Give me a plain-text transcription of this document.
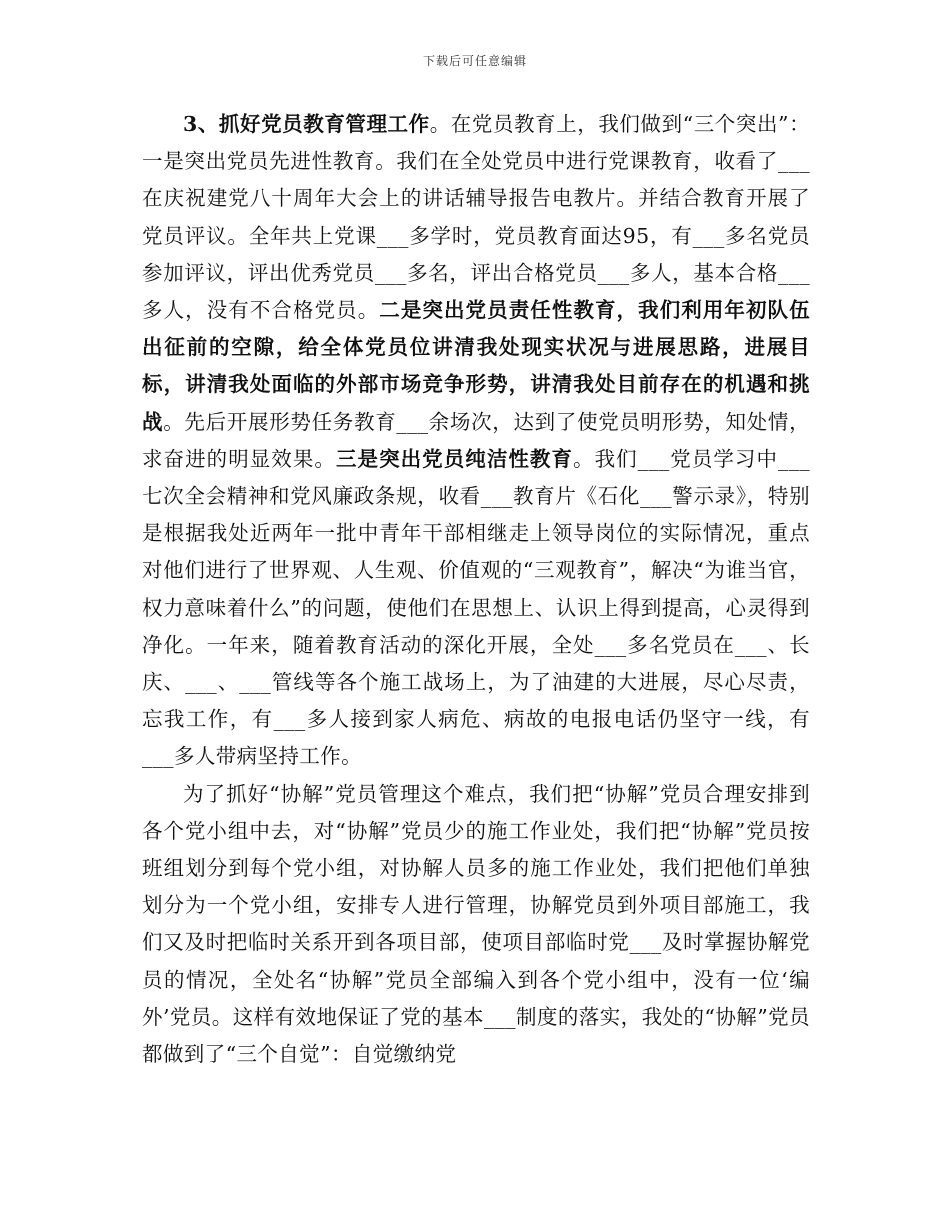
下载后可任意编辑

3、抓好党员教育管理工作。在党员教育上，我们做到“三个突出”：一是突出党员先进性教育。我们在全处党员中进行党课教育，收看了___在庆祝建党八十周年大会上的讲话辅导报告电教片。并结合教育开展了党员评议。全年共上党课___多学时，党员教育面达95，有___多名党员参加评议，评出优秀党员___多名，评出合格党员___多人，基本合格___多人，没有不合格党员。二是突出党员责任性教育，我们利用年初队伍出征前的空隙，给全体党员位讲清我处现实状况与进展思路，进展目标，讲清我处面临的外部市场竞争形势，讲清我处目前存在的机遇和挑战。先后开展形势任务教育___余场次，达到了使党员明形势，知处情，求奋进的明显效果。三是突出党员纯洁性教育。我们___党员学习中___七次全会精神和党风廉政条规，收看___教育片《石化___警示录》，特别是根据我处近两年一批中青年干部相继走上领导岗位的实际情况，重点对他们进行了世界观、人生观、价值观的“三观教育”，解决“为谁当官，权力意味着什么”的问题，使他们在思想上、认识上得到提高，心灵得到净化。一年来，随着教育活动的深化开展，全处___多名党员在___、长庆、___、___管线等各个施工战场上，为了油建的大进展，尽心尽责，忘我工作，有___多人接到家人病危、病故的电报电话仍坚守一线，有___多人带病坚持工作。

为了抓好“协解”党员管理这个难点，我们把“协解”党员合理安排到各个党小组中去，对“协解”党员少的施工作业处，我们把“协解”党员按班组划分到每个党小组，对协解人员多的施工作业处，我们把他们单独划分为一个党小组，安排专人进行管理，协解党员到外项目部施工，我们又及时把临时关系开到各项目部，使项目部临时党___及时掌握协解党员的情况，全处名“协解”党员全部编入到各个党小组中，没有一位‘编外’党员。这样有效地保证了党的基本___制度的落实，我处的“协解”党员都做到了“三个自觉”：自觉缴纳党
